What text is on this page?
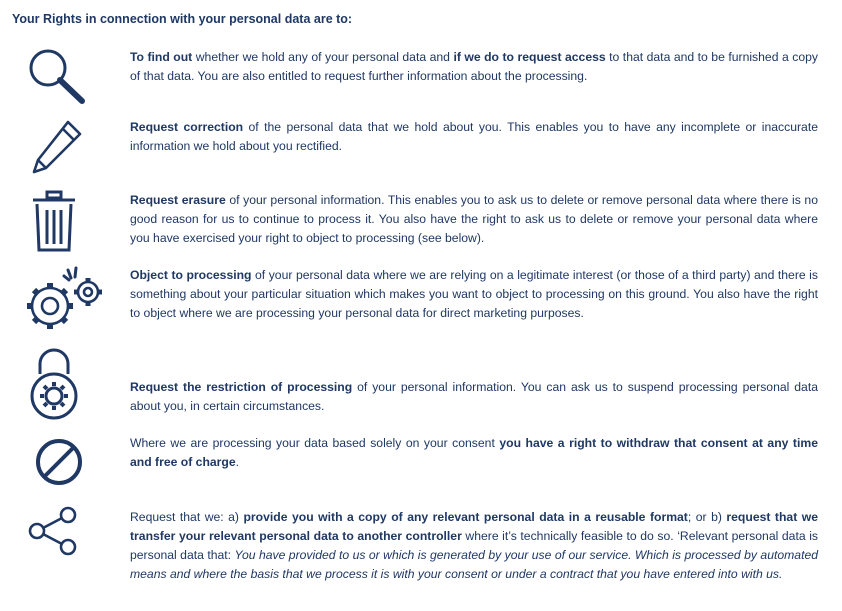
Your Rights in connection with your personal data are to:
To find out whether we hold any of your personal data and if we do to request access to that data and to be furnished a copy of that data. You are also entitled to request further information about the processing.
Request correction of the personal data that we hold about you. This enables you to have any incomplete or inaccurate information we hold about you rectified.
Request erasure of your personal information. This enables you to ask us to delete or remove personal data where there is no good reason for us to continue to process it. You also have the right to ask us to delete or remove your personal data where you have exercised your right to object to processing (see below).
Object to processing of your personal data where we are relying on a legitimate interest (or those of a third party) and there is something about your particular situation which makes you want to object to processing on this ground. You also have the right to object where we are processing your personal data for direct marketing purposes.
Request the restriction of processing of your personal information. You can ask us to suspend processing personal data about you, in certain circumstances.
Where we are processing your data based solely on your consent you have a right to withdraw that consent at any time and free of charge.
Request that we: a) provide you with a copy of any relevant personal data in a reusable format; or b) request that we transfer your relevant personal data to another controller where it’s technically feasible to do so. ‘Relevant personal data is personal data that: You have provided to us or which is generated by your use of our service. Which is processed by automated means and where the basis that we process it is with your consent or under a contract that you have entered into with us.
